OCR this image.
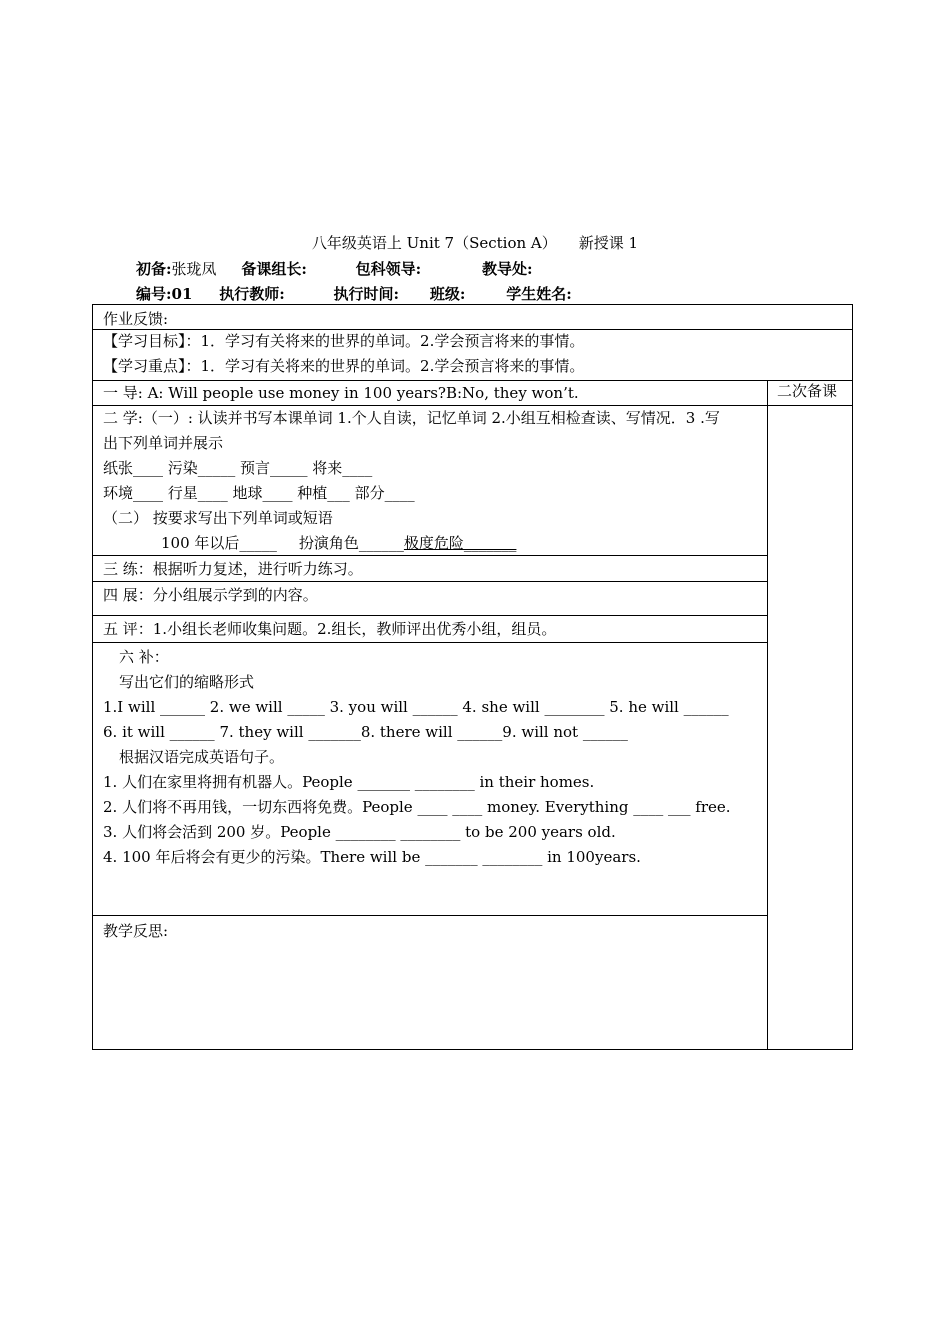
八年级英语上 Unit 7（Section A） 新授课 1
初备:张珑凤 备课组长:	包科领导:	教导处:
编号:01 执行教师:	执行时间: 班级:	学生姓名:
作业反馈:
【学习目标】：1．学习有关将来的世界的单词。2.学会预言将来的事情。
【学习重点】：1．学习有关将来的世界的单词。2.学会预言将来的事情。
二次备课
一 导: A: Will people use money in 100 years?B:No, they won’t.
二 学:（一）: 认读并书写本课单词 1.个人自读，记忆单词 2.小组互相检查读、写情况．3 .写
出下列单词并展示
纸张____ 污染_____ 预言_____ 将来____
环境____ 行星____ 地球____ 种植___ 部分____
（二） 按要求写出下列单词或短语
100 年以后_____ 扮演角色______极度危险_______
三 练：根据听力复述，进行听力练习。
四 展：分小组展示学到的内容。
五 评：1.小组长老师收集问题。2.组长，教师评出优秀小组，组员。
六 补：
写出它们的缩略形式
1.I will ______ 2. we will _____ 3. you will ______ 4. she will ________ 5. he will ______
6. it will ______ 7. they will _______8. there will ______9. will not ______
根据汉语完成英语句子。
1. 人们在家里将拥有机器人。People _______ ________ in their homes.
2. 人们将不再用钱，一切东西将免费。People ____ ____ money. Everything ____ ___ free.
3. 人们将会活到 200 岁。People ________ ________ to be 200 years old.
4. 100 年后将会有更少的污染。There will be _______ ________ in 100years.
教学反思:
